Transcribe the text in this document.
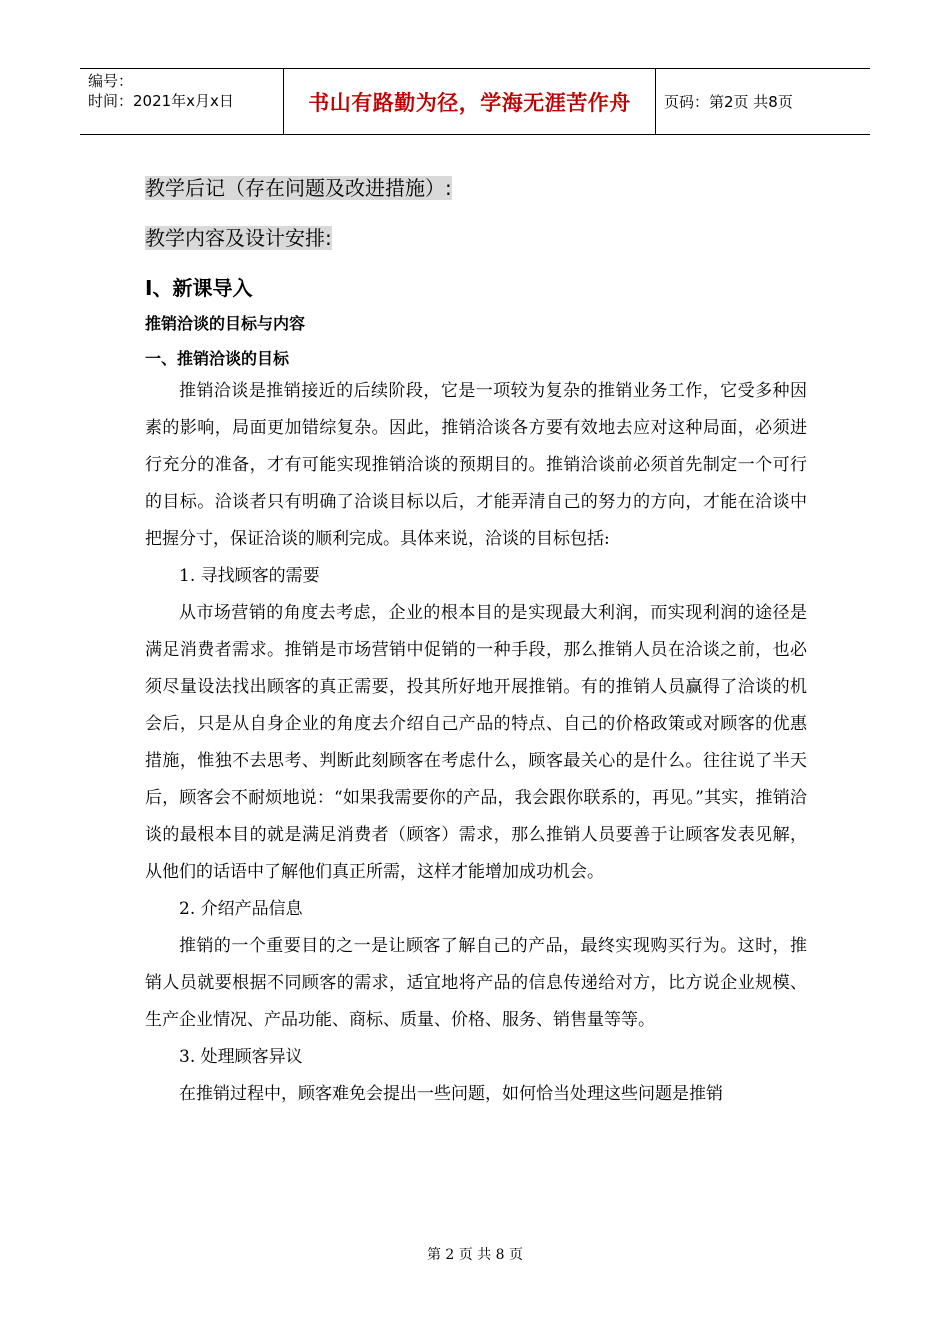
编号：
时间：2021年x月x日	书山有路勤为径，学海无涯苦作舟	页码：第2页 共8页
教学后记（存在问题及改进措施）:
教学内容及设计安排:
Ⅰ、新课导入
推销洽谈的目标与内容
一、推销洽谈的目标

推销洽谈是推销接近的后续阶段，它是一项较为复杂的推销业务工作，它受多种因素的影响，局面更加错综复杂。因此，推销洽谈各方要有效地去应对这种局面，必须进行充分的准备，才有可能实现推销洽谈的预期目的。推销洽谈前必须首先制定一个可行的目标。洽谈者只有明确了洽谈目标以后，才能弄清自己的努力的方向，才能在洽谈中把握分寸，保证洽谈的顺利完成。具体来说，洽谈的目标包括:

1. 寻找顾客的需要

从市场营销的角度去考虑，企业的根本目的是实现最大利润，而实现利润的途径是满足消费者需求。推销是市场营销中促销的一种手段，那么推销人员在洽谈之前，也必须尽量设法找出顾客的真正需要，投其所好地开展推销。有的推销人员赢得了洽谈的机会后，只是从自身企业的角度去介绍自己产品的特点、自己的价格政策或对顾客的优惠措施，惟独不去思考、判断此刻顾客在考虑什么，顾客最关心的是什么。往往说了半天后，顾客会不耐烦地说：“如果我需要你的产品，我会跟你联系的，再见。”其实，推销洽谈的最根本目的就是满足消费者（顾客）需求，那么推销人员要善于让顾客发表见解，从他们的话语中了解他们真正所需，这样才能增加成功机会。

2. 介绍产品信息

推销的一个重要目的之一是让顾客了解自己的产品，最终实现购买行为。这时，推销人员就要根据不同顾客的需求，适宜地将产品的信息传递给对方，比方说企业规模、生产企业情况、产品功能、商标、质量、价格、服务、销售量等等。

3. 处理顾客异议

在推销过程中，顾客难免会提出一些问题，如何恰当处理这些问题是推销

第 2 页 共 8 页
